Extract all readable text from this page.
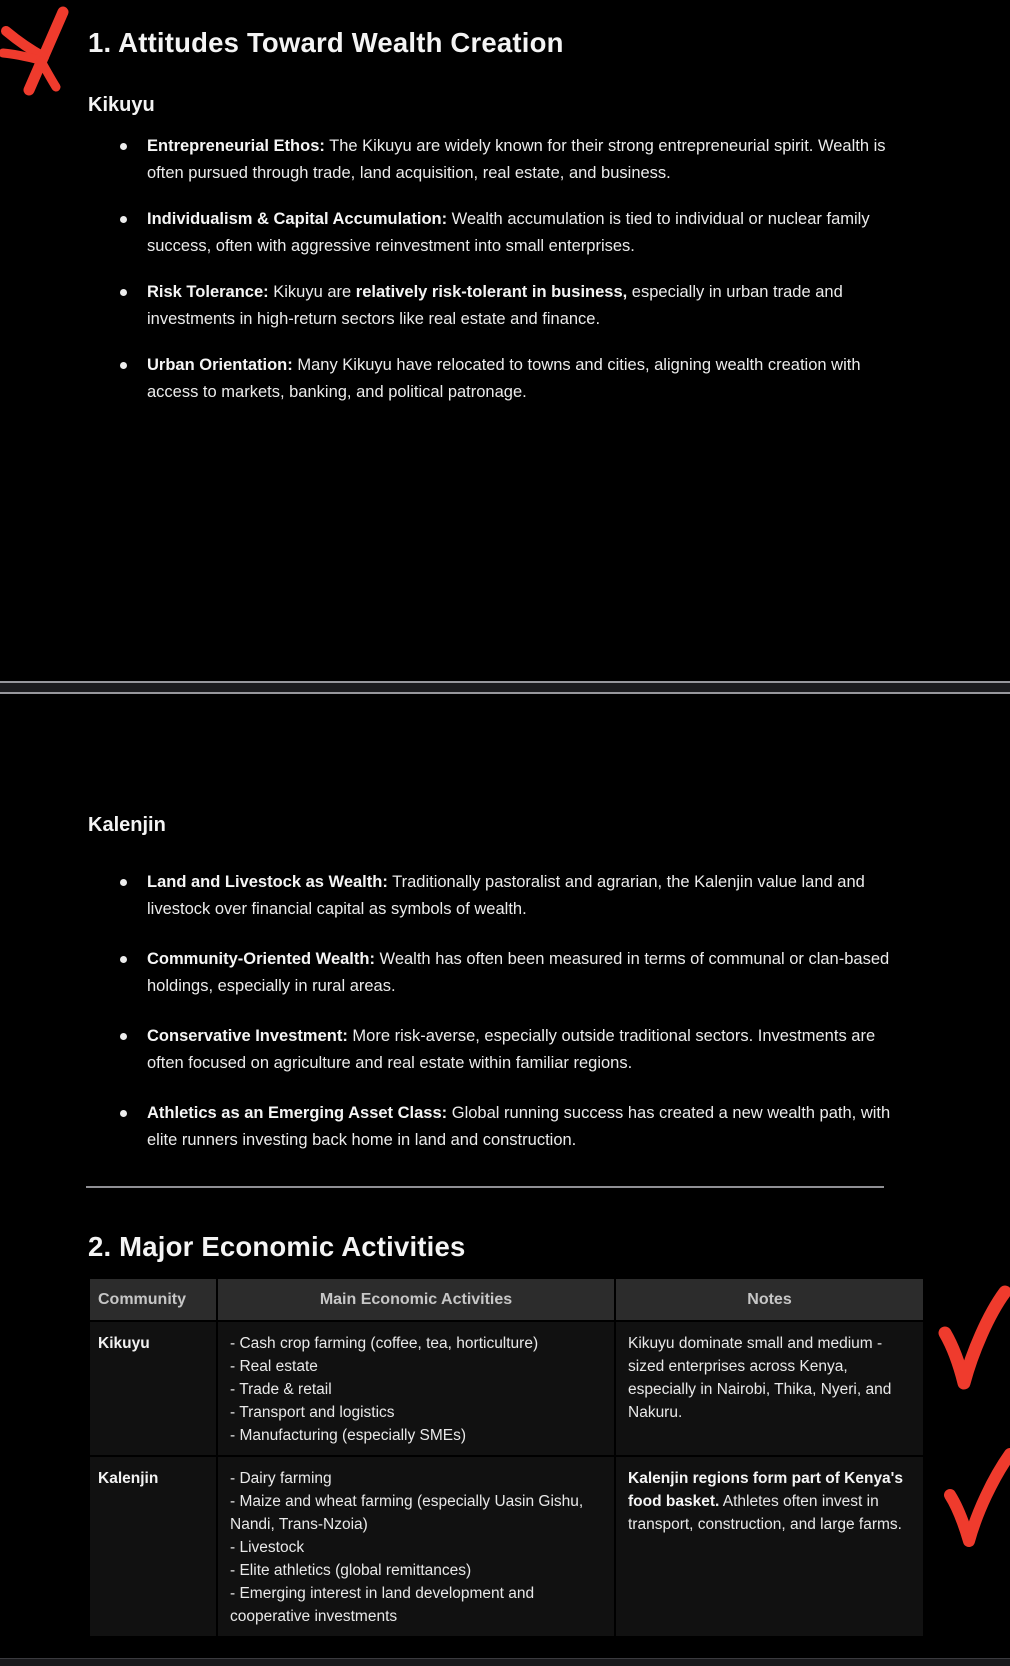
1. Attitudes Toward Wealth Creation
Kikuyu
Entrepreneurial Ethos: The Kikuyu are widely known for their strong entrepreneurial spirit. Wealth is often pursued through trade, land acquisition, real estate, and business.
Individualism & Capital Accumulation: Wealth accumulation is tied to individual or nuclear family success, often with aggressive reinvestment into small enterprises.
Risk Tolerance: Kikuyu are relatively risk-tolerant in business, especially in urban trade and investments in high-return sectors like real estate and finance.
Urban Orientation: Many Kikuyu have relocated to towns and cities, aligning wealth creation with access to markets, banking, and political patronage.
Kalenjin
Land and Livestock as Wealth: Traditionally pastoralist and agrarian, the Kalenjin value land and livestock over financial capital as symbols of wealth.
Community-Oriented Wealth: Wealth has often been measured in terms of communal or clan-based holdings, especially in rural areas.
Conservative Investment: More risk-averse, especially outside traditional sectors. Investments are often focused on agriculture and real estate within familiar regions.
Athletics as an Emerging Asset Class: Global running success has created a new wealth path, with elite runners investing back home in land and construction.
2. Major Economic Activities
Community	Main Economic Activities	Notes
Kikuyu	- Cash crop farming (coffee, tea, horticulture)
- Real estate
- Trade & retail
- Transport and logistics
- Manufacturing (especially SMEs)	Kikuyu dominate small and medium -sized enterprises across Kenya, especially in Nairobi, Thika, Nyeri, and Nakuru.
Kalenjin	- Dairy farming
- Maize and wheat farming (especially Uasin Gishu, Nandi, Trans-Nzoia)
- Livestock
- Elite athletics (global remittances)
- Emerging interest in land development and cooperative investments	Kalenjin regions form part of Kenya's food basket. Athletes often invest in transport, construction, and large farms.
